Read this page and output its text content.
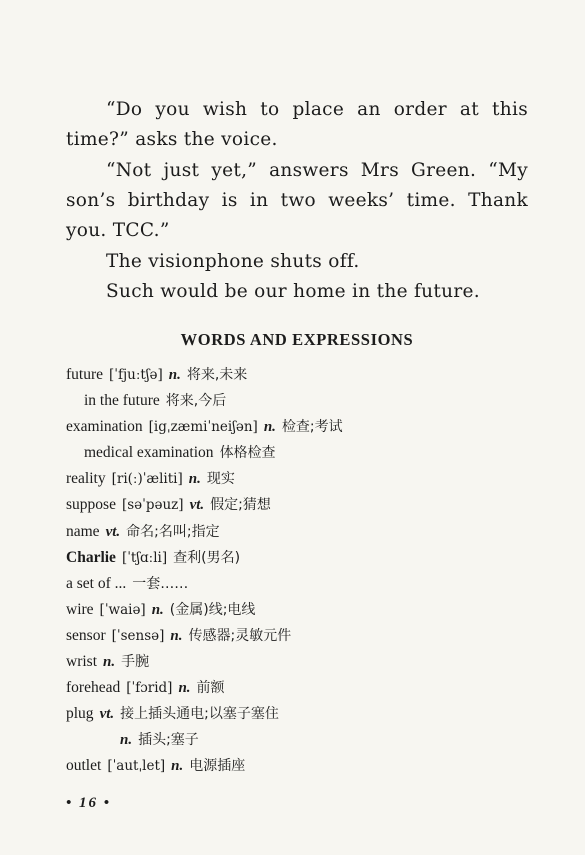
“Do you wish to place an order at this
time?” asks the voice.

“Not just yet,” answers Mrs Green. “My
son’s birthday is in two weeks’ time. Thank
you. TCC.”

The visionphone shuts off.

Such would be our home in the future.

WORDS AND EXPRESSIONS
future [ˈfjuːtʃə] n. 将来,未来
in the future 将来,今后
examination [igˌzæmiˈneiʃən] n. 检查;考试
medical examination 体格检查
reality [ri(ː)ˈæliti] n. 现实
suppose [səˈpəuz] vt. 假定;猜想
name vt. 命名;名叫;指定
Charlie [ˈtʃɑːli] 查利(男名)
a set of ... 一套……
wire [ˈwaiə] n. (金属)线;电线
sensor [ˈsensə] n. 传感器;灵敏元件
wrist n. 手腕
forehead [ˈfɔrid] n. 前额
plug vt. 接上插头通电;以塞子塞住
n. 插头;塞子
outlet [ˈautˌlet] n. 电源插座
• 16 •
